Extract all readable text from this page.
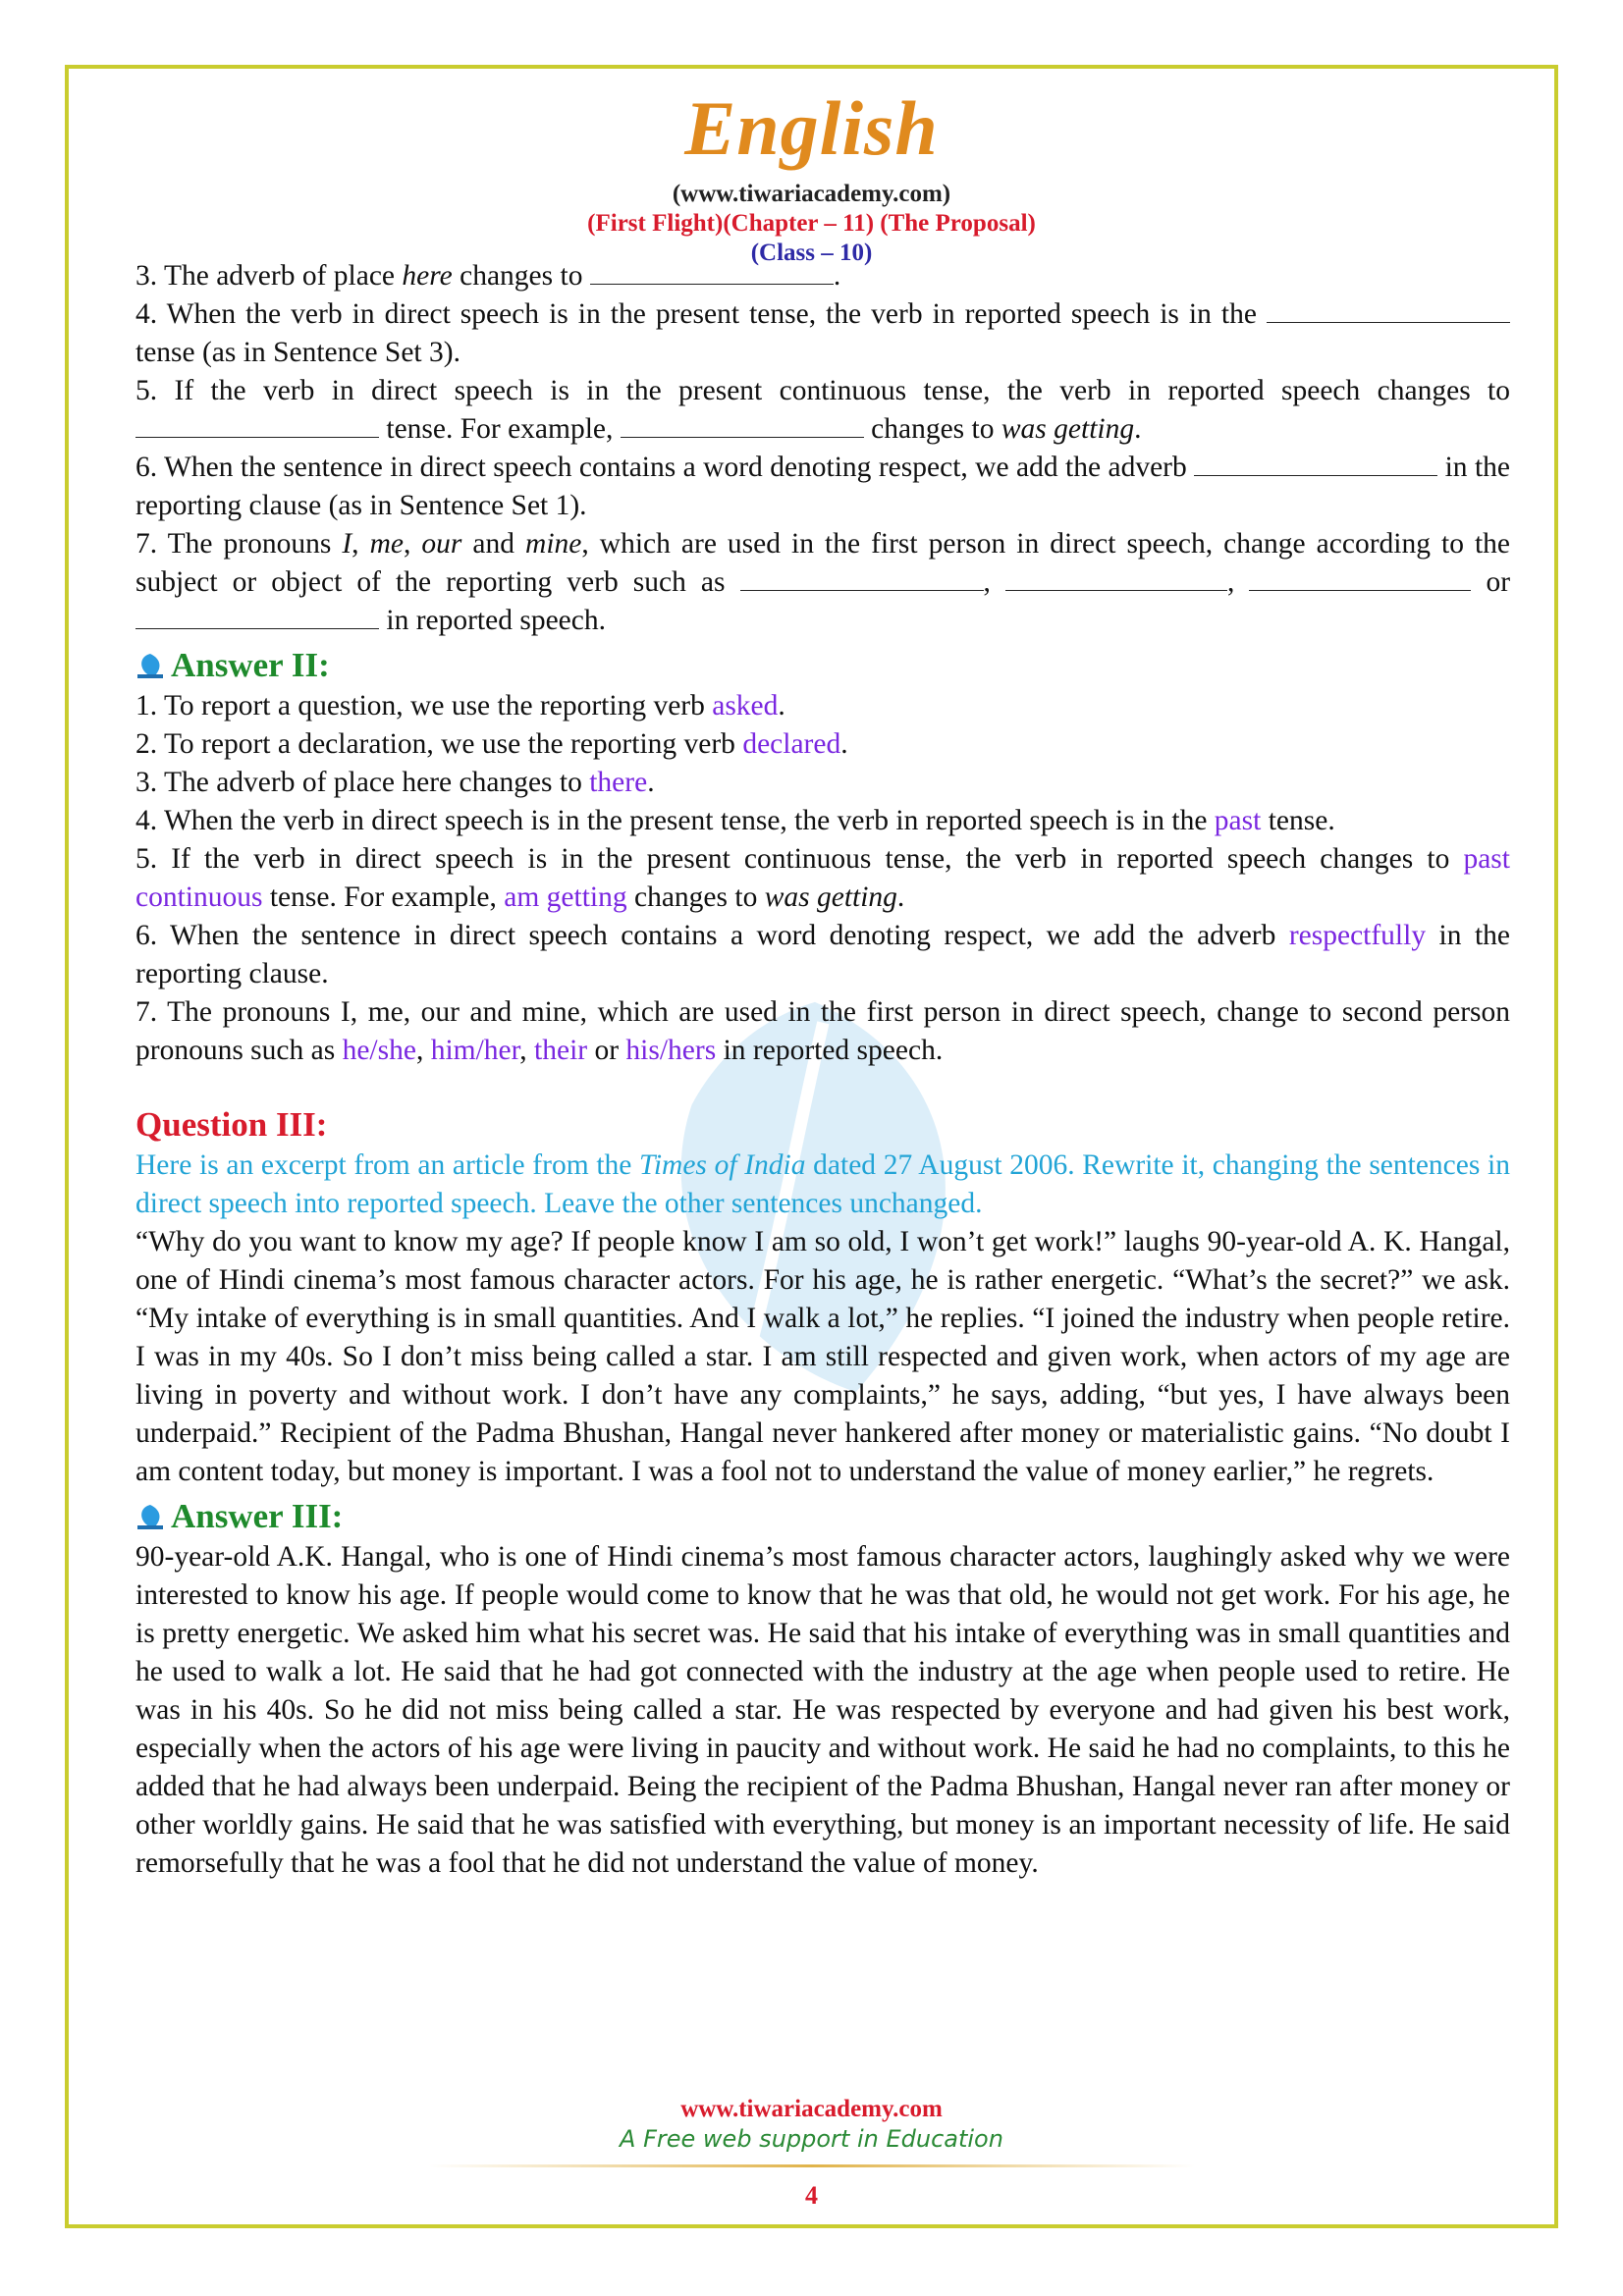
English
(www.tiwariacademy.com)
(First Flight)(Chapter – 11) (The Proposal)
(Class – 10)

3. The adverb of place here changes to	.

4. When the verb in direct speech is in the present tense, the verb in reported speech is in the  tense (as in Sentence Set 3).

5. If the verb in direct speech is in the present continuous tense, the verb in reported speech changes to  tense. For example,	changes to was getting.

6. When the sentence in direct speech contains a word denoting respect, we add the adverb	in the reporting clause (as in Sentence Set 1).

7. The pronouns I, me, our and mine, which are used in the first person in direct speech, change according to the subject or object of the reporting verb such as	,	,	or  in reported speech.

Answer II:

1. To report a question, we use the reporting verb asked.

2. To report a declaration, we use the reporting verb declared.

3. The adverb of place here changes to there.

4. When the verb in direct speech is in the present tense, the verb in reported speech is in the past tense.

5. If the verb in direct speech is in the present continuous tense, the verb in reported speech changes to past continuous tense. For example, am getting changes to was getting.

6. When the sentence in direct speech contains a word denoting respect, we add the adverb respectfully in the reporting clause.

7. The pronouns I, me, our and mine, which are used in the first person in direct speech, change to second person pronouns such as he/she, him/her, their or his/hers in reported speech.

Question III:

Here is an excerpt from an article from the Times of India dated 27 August 2006. Rewrite it, changing the sentences in direct speech into reported speech. Leave the other sentences unchanged.

“Why do you want to know my age? If people know I am so old, I won’t get work!” laughs 90-year-old A. K. Hangal, one of Hindi cinema’s most famous character actors. For his age, he is rather energetic. “What’s the secret?” we ask. “My intake of everything is in small quantities. And I walk a lot,” he replies. “I joined the industry when people retire. I was in my 40s. So I don’t miss being called a star. I am still respected and given work, when actors of my age are living in poverty and without work. I don’t have any complaints,” he says, adding, “but yes, I have always been underpaid.” Recipient of the Padma Bhushan, Hangal never hankered after money or materialistic gains. “No doubt I am content today, but money is important. I was a fool not to understand the value of money earlier,” he regrets.

Answer III:

90-year-old A.K. Hangal, who is one of Hindi cinema’s most famous character actors, laughingly asked why we were interested to know his age. If people would come to know that he was that old, he would not get work. For his age, he is pretty energetic. We asked him what his secret was. He said that his intake of everything was in small quantities and he used to walk a lot. He said that he had got connected with the industry at the age when people used to retire. He was in his 40s. So he did not miss being called a star. He was respected by everyone and had given his best work, especially when the actors of his age were living in paucity and without work. He said he had no complaints, to this he added that he had always been underpaid. Being the recipient of the Padma Bhushan, Hangal never ran after money or other worldly gains. He said that he was satisfied with everything, but money is an important necessity of life. He said remorsefully that he was a fool that he did not understand the value of money.

www.tiwariacademy.com
A Free web support in Education
4
